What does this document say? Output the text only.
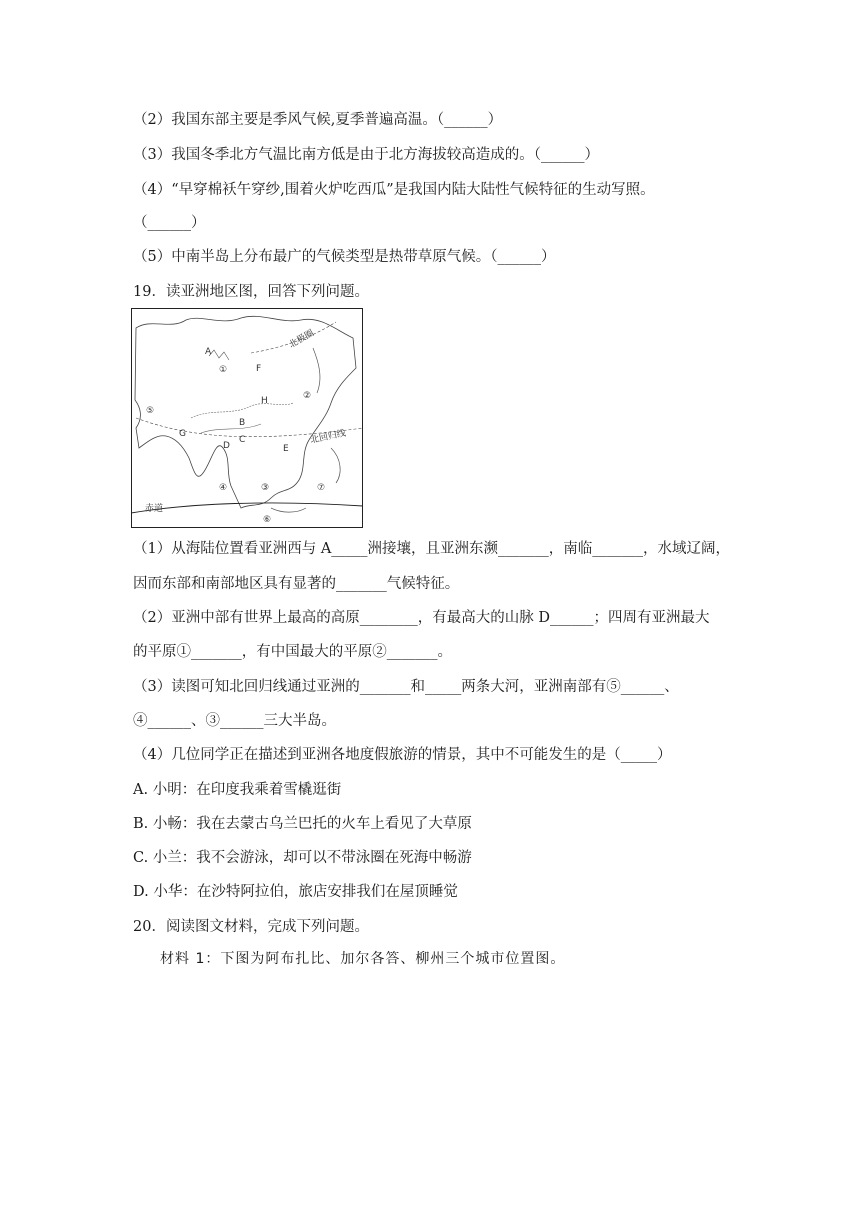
（2）我国东部主要是季风气候,夏季普遍高温。（______）
（3）我国冬季北方气温比南方低是由于北方海拔较高造成的。（______）
（4）“早穿棉袄午穿纱,围着火炉吃西瓜”是我国内陆大陆性气候特征的生动写照。
（______）
（5）中南半岛上分布最广的气候类型是热带草原气候。（______）
19．读亚洲地区图，回答下列问题。
北极圈
北回归线
赤道
A
F
H
B
C
D	E
G
①
②
③
④
⑤
⑥
⑦
（1）从海陆位置看亚洲西与 A_____洲接壤，且亚洲东濒_______，南临_______，水域辽阔，
因而东部和南部地区具有显著的_______气候特征。
（2）亚洲中部有世界上最高的高原________，有最高大的山脉 D______；四周有亚洲最大
的平原①_______，有中国最大的平原②_______。
（3）读图可知北回归线通过亚洲的_______和_____两条大河，亚洲南部有⑤______、
④______、③______三大半岛。
（4）几位同学正在描述到亚洲各地度假旅游的情景，其中不可能发生的是（_____）
A. 小明：在印度我乘着雪橇逛街
B. 小畅：我在去蒙古乌兰巴托的火车上看见了大草原
C. 小兰：我不会游泳，却可以不带泳圈在死海中畅游
D. 小华：在沙特阿拉伯，旅店安排我们在屋顶睡觉
20．阅读图文材料，完成下列问题。
材料 1：下图为阿布扎比、加尔各答、柳州三个城市位置图。
